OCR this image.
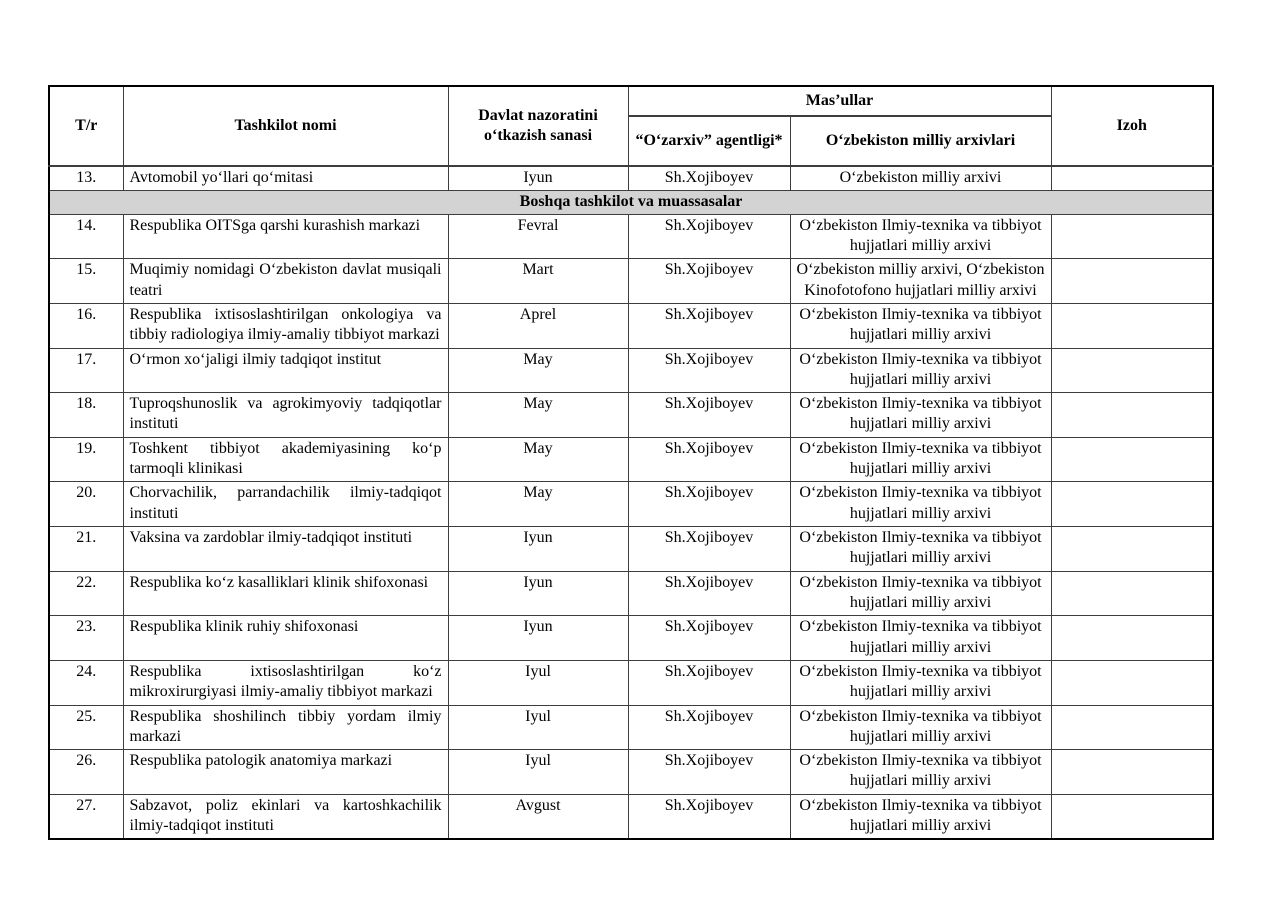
T/r	Tashkilot nomi	Davlat nazoratini oʻtkazish sanasi	Mas’ullar		Izoh
			“Oʻzarxiv” agentligi*	Oʻzbekiston milliy arxivlari	
13.	Avtomobil yoʻllari qoʻmitasi	Iyun	Sh.Xojiboyev	Oʻzbekiston milliy arxivi	
Boshqa tashkilot va muassasalar					
14.	Respublika OITSga qarshi kurashish markazi	Fevral	Sh.Xojiboyev	Oʻzbekiston Ilmiy-texnika va tibbiyot hujjatlari milliy arxivi	
15.	Muqimiy nomidagi Oʻzbekiston davlat musiqali teatri	Mart	Sh.Xojiboyev	Oʻzbekiston milliy arxivi, Oʻzbekiston Kinofotofono hujjatlari milliy arxivi	
16.	Respublika ixtisoslashtirilgan onkologiya va tibbiy radiologiya ilmiy-amaliy tibbiyot markazi	Aprel	Sh.Xojiboyev	Oʻzbekiston Ilmiy-texnika va tibbiyot hujjatlari milliy arxivi	
17.	Oʻrmon xoʻjaligi ilmiy tadqiqot institut	May	Sh.Xojiboyev	Oʻzbekiston Ilmiy-texnika va tibbiyot hujjatlari milliy arxivi	
18.	Tuproqshunoslik va agrokimyoviy tadqiqotlar instituti	May	Sh.Xojiboyev	Oʻzbekiston Ilmiy-texnika va tibbiyot hujjatlari milliy arxivi	
19.	Toshkent tibbiyot akademiyasining koʻp tarmoqli klinikasi	May	Sh.Xojiboyev	Oʻzbekiston Ilmiy-texnika va tibbiyot hujjatlari milliy arxivi	
20.	Chorvachilik, parrandachilik ilmiy-tadqiqot instituti	May	Sh.Xojiboyev	Oʻzbekiston Ilmiy-texnika va tibbiyot hujjatlari milliy arxivi	
21.	Vaksina va zardoblar ilmiy-tadqiqot instituti	Iyun	Sh.Xojiboyev	Oʻzbekiston Ilmiy-texnika va tibbiyot hujjatlari milliy arxivi	
22.	Respublika koʻz kasalliklari klinik shifoxonasi	Iyun	Sh.Xojiboyev	Oʻzbekiston Ilmiy-texnika va tibbiyot hujjatlari milliy arxivi	
23.	Respublika klinik ruhiy shifoxonasi	Iyun	Sh.Xojiboyev	Oʻzbekiston Ilmiy-texnika va tibbiyot hujjatlari milliy arxivi	
24.	Respublika ixtisoslashtirilgan koʻz mikroxirurgiyasi ilmiy-amaliy tibbiyot markazi	Iyul	Sh.Xojiboyev	Oʻzbekiston Ilmiy-texnika va tibbiyot hujjatlari milliy arxivi	
25.	Respublika shoshilinch tibbiy yordam ilmiy markazi	Iyul	Sh.Xojiboyev	Oʻzbekiston Ilmiy-texnika va tibbiyot hujjatlari milliy arxivi	
26.	Respublika patologik anatomiya markazi	Iyul	Sh.Xojiboyev	Oʻzbekiston Ilmiy-texnika va tibbiyot hujjatlari milliy arxivi	
27.	Sabzavot, poliz ekinlari va kartoshkachilik ilmiy-tadqiqot instituti	Avgust	Sh.Xojiboyev	Oʻzbekiston Ilmiy-texnika va tibbiyot hujjatlari milliy arxivi	
